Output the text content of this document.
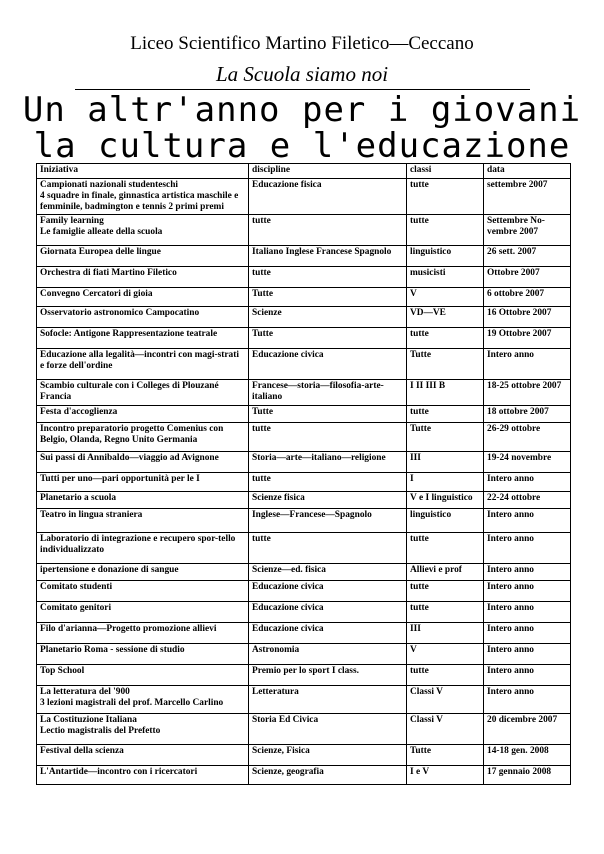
Liceo Scientifico Martino Filetico—Ceccano
La Scuola siamo noi
Un altr'anno per i giovani
la cultura e l'educazione
Iniziativa	discipline	classi	data
Campionati nazionali studenteschi
4 squadre in finale, ginnastica artistica maschile e femminile, badmington e tennis 2 primi premi	Educazione fisica	tutte	settembre 2007
Family learning
Le famiglie alleate della scuola	tutte	tutte	Settembre No-vembre 2007
Giornata Europea delle lingue	Italiano Inglese Francese Spagnolo	linguistico	26 sett. 2007
Orchestra di fiati Martino Filetico	tutte	musicisti	Ottobre 2007
Convegno Cercatori di gioia	Tutte	V	6 ottobre 2007
Osservatorio astronomico Campocatino	Scienze	VD—VE	16 Ottobre 2007
Sofocle: Antigone Rappresentazione teatrale	Tutte	tutte	19 Ottobre 2007
Educazione alla legalità—incontri con magi-strati e forze dell'ordine	Educazione civica	Tutte	Intero anno
Scambio culturale con i Colleges di Plouzané Francia	Francese—storia—filosofia-arte-italiano	I II III B	18-25 ottobre 2007
Festa d'accoglienza	Tutte	tutte	18 ottobre 2007
Incontro preparatorio progetto Comenius con Belgio, Olanda, Regno Unito Germania	tutte	Tutte	26-29 ottobre
Sui passi di Annibaldo—viaggio ad Avignone	Storia—arte—italiano—religione	III	19-24 novembre
Tutti per uno—pari opportunità per le I	tutte	I	Intero anno
Planetario a scuola	Scienze fisica	V e I linguistico	22-24 ottobre
Teatro in lingua straniera	Inglese—Francese—Spagnolo	linguistico	Intero anno
Laboratorio di integrazione e recupero spor-tello individualizzato	tutte	tutte	Intero anno
ipertensione e donazione di sangue	Scienze—ed. fisica	Allievi e prof	Intero anno
Comitato studenti	Educazione civica	tutte	Intero anno
Comitato genitori	Educazione civica	tutte	Intero anno
Filo d'arianna—Progetto promozione allievi	Educazione civica	III	Intero anno
Planetario Roma - sessione di studio	Astronomia	V	Intero anno
Top School	Premio per lo sport I class.	tutte	Intero anno
La letteratura del '900
3 lezioni magistrali del prof. Marcello Carlino	Letteratura	Classi V	Intero anno
La Costituzione Italiana
Lectio magistralis del Prefetto	Storia Ed Civica	Classi V	20 dicembre 2007
Festival della scienza	Scienze, Fisica	Tutte	14-18 gen. 2008
L'Antartide—incontro con i ricercatori	Scienze, geografia	I e V	17 gennaio 2008
